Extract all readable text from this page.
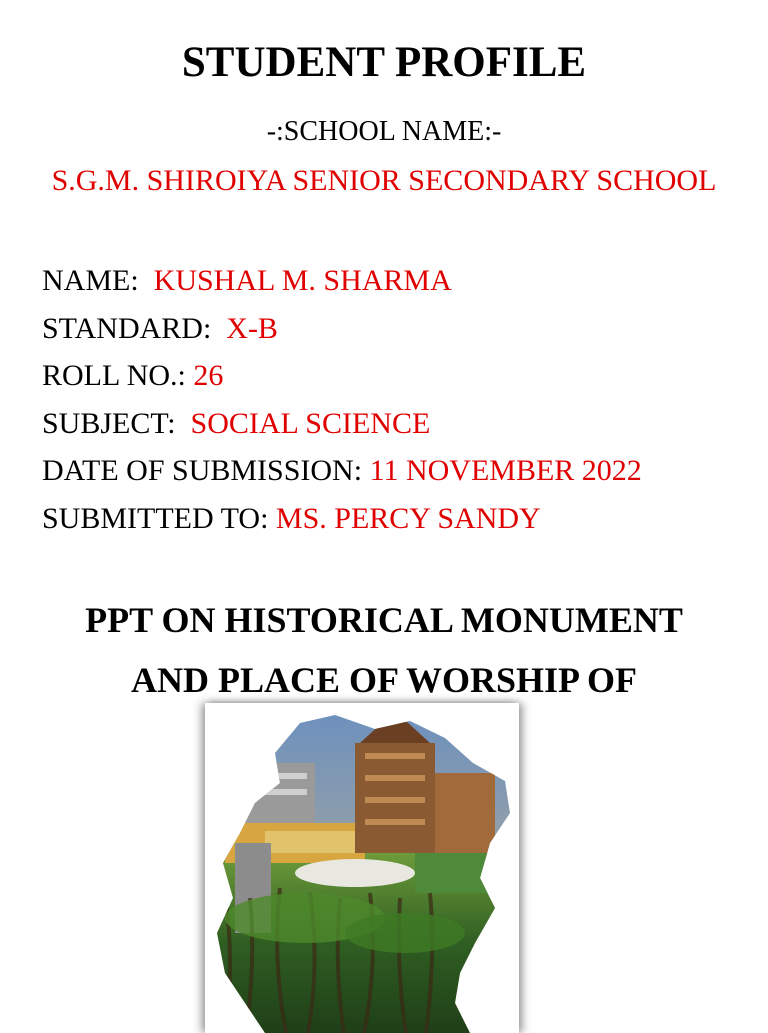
STUDENT PROFILE
-:SCHOOL NAME:-
S.G.M. SHIROIYA SENIOR SECONDARY SCHOOL
NAME: KUSHAL M. SHARMA
STANDARD: X-B
ROLL NO.: 26
SUBJECT: SOCIAL SCIENCE
DATE OF SUBMISSION: 11 NOVEMBER 2022
SUBMITTED TO: MS. PERCY SANDY
PPT ON HISTORICAL MONUMENT
AND PLACE OF WORSHIP OF
